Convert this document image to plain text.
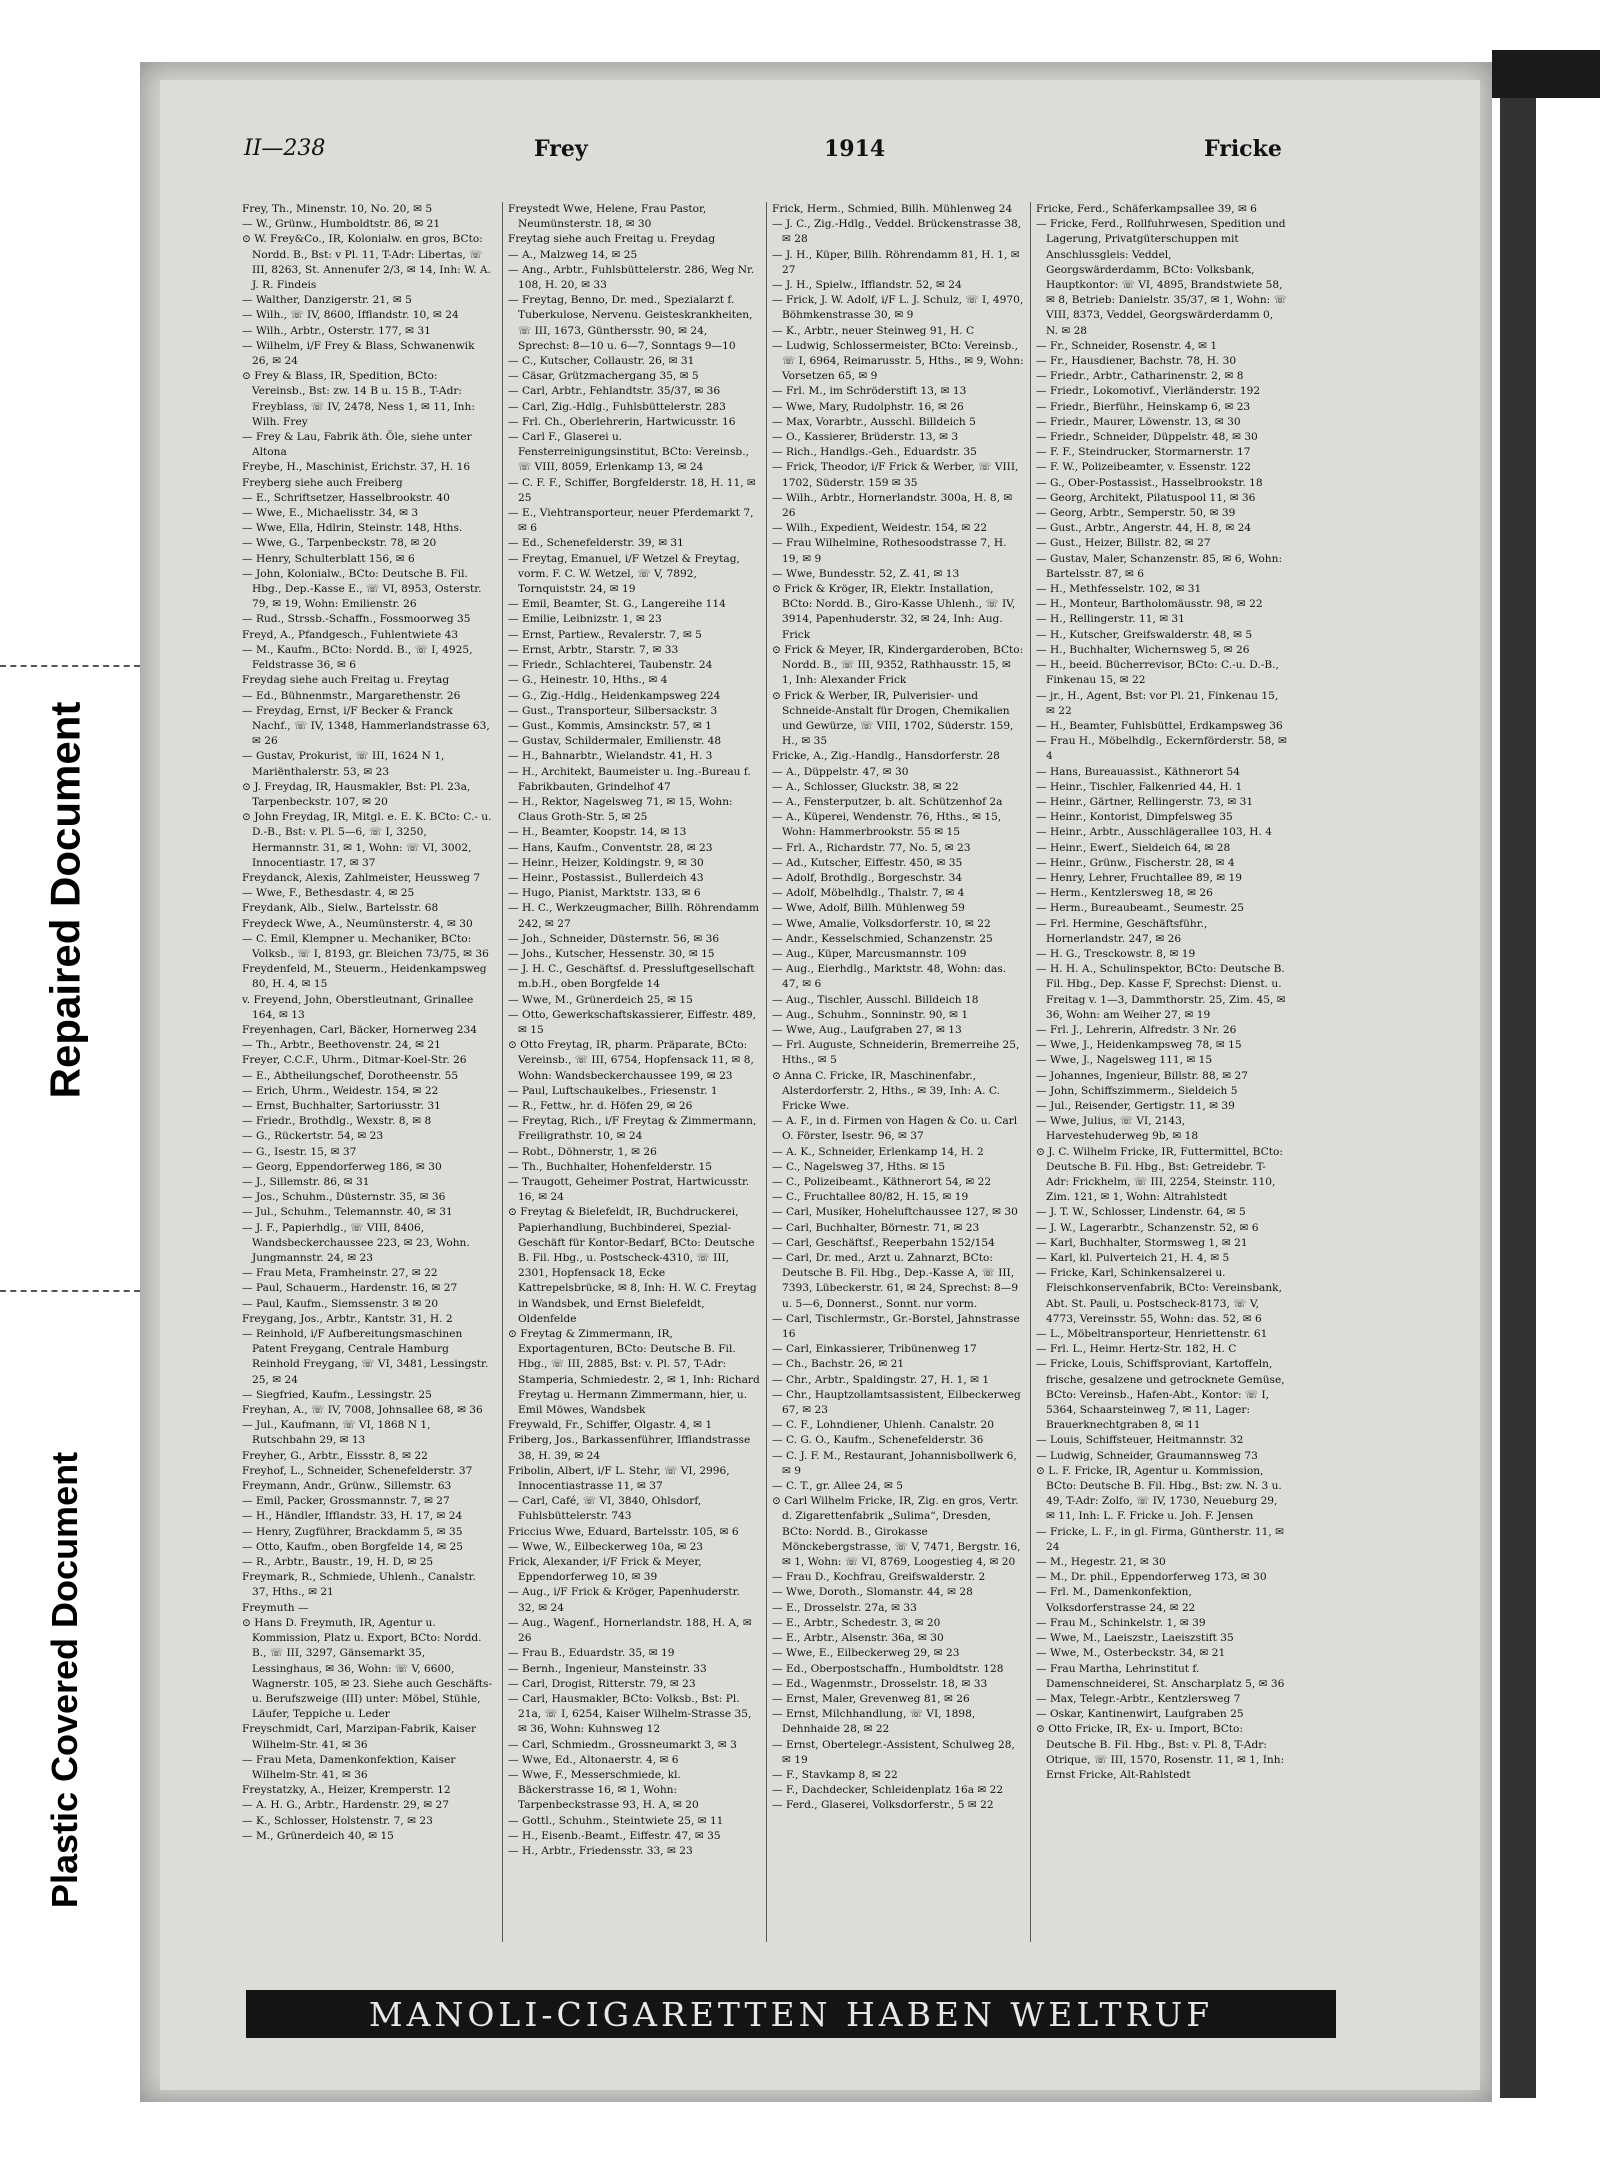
Repaired Document
Plastic Covered Document
II—238	Frey	1914	Fricke

Frey, Th., Minenstr. 10, No. 20, ✉ 5

— W., Grünw., Humboldtstr. 86, ✉ 21

⊙ W. Frey&Co., IR, Kolonialw. en gros, BCto: Nordd. B., Bst: v Pl. 11, T-Adr: Libertas, ☏ III, 8263, St. Annenufer 2/3, ✉ 14, Inh: W. A. J. R. Findeis

— Walther, Danzigerstr. 21, ✉ 5

— Wilh., ☏ IV, 8600, Ifflandstr. 10, ✉ 24

— Wilh., Arbtr., Osterstr. 177, ✉ 31

— Wilhelm, i/F Frey & Blass, Schwanenwik 26, ✉ 24

⊙ Frey & Blass, IR, Spedition, BCto: Vereinsb., Bst: zw. 14 B u. 15 B., T-Adr: Freyblass, ☏ IV, 2478, Ness 1, ✉ 11, Inh: Wilh. Frey

— Frey & Lau, Fabrik äth. Öle, siehe unter Altona

Freybe, H., Maschinist, Erichstr. 37, H. 16

Freyberg siehe auch Freiberg

— E., Schriftsetzer, Hasselbrookstr. 40

— Wwe, E., Michaelisstr. 34, ✉ 3

— Wwe, Ella, Hdlrin, Steinstr. 148, Hths.

— Wwe, G., Tarpenbeckstr. 78, ✉ 20

— Henry, Schulterblatt 156, ✉ 6

— John, Kolonialw., BCto: Deutsche B. Fil. Hbg., Dep.-Kasse E., ☏ VI, 8953, Osterstr. 79, ✉ 19, Wohn: Emilienstr. 26

— Rud., Strssb.-Schaffn., Fossmoorweg 35

Freyd, A., Pfandgesch., Fuhlentwiete 43

— M., Kaufm., BCto: Nordd. B., ☏ I, 4925, Feldstrasse 36, ✉ 6

Freydag siehe auch Freitag u. Freytag

— Ed., Bühnenmstr., Margarethenstr. 26

— Freydag, Ernst, i/F Becker & Franck Nachf., ☏ IV, 1348, Hammerlandstrasse 63, ✉ 26

— Gustav, Prokurist, ☏ III, 1624 N 1, Mariënthalerstr. 53, ✉ 23

⊙ J. Freydag, IR, Hausmakler, Bst: Pl. 23a, Tarpenbeckstr. 107, ✉ 20

⊙ John Freydag, IR, Mitgl. e. E. K. BCto: C.- u. D.-B., Bst: v. Pl. 5—6, ☏ I, 3250, Hermannstr. 31, ✉ 1, Wohn: ☏ VI, 3002, Innocentiastr. 17, ✉ 37

Freydanck, Alexis, Zahlmeister, Heussweg 7

— Wwe, F., Bethesdastr. 4, ✉ 25

Freydank, Alb., Sielw., Bartelsstr. 68

Freydeck Wwe, A., Neumünsterstr. 4, ✉ 30

— C. Emil, Klempner u. Mechaniker, BCto: Volksb., ☏ I, 8193, gr. Bleichen 73/75, ✉ 36

Freydenfeld, M., Steuerm., Heidenkampsweg 80, H. 4, ✉ 15

v. Freyend, John, Oberstleutnant, Grinallee 164, ✉ 13

Freyenhagen, Carl, Bäcker, Hornerweg 234

— Th., Arbtr., Beethovenstr. 24, ✉ 21

Freyer, C.C.F., Uhrm., Ditmar-Koel-Str. 26

— E., Abtheilungschef, Dorotheenstr. 55

— Erich, Uhrm., Weidestr. 154, ✉ 22

— Ernst, Buchhalter, Sartoriusstr. 31

— Friedr., Brothdlg., Wexstr. 8, ✉ 8

— G., Rückertstr. 54, ✉ 23

— G., Isestr. 15, ✉ 37

— Georg, Eppendorferweg 186, ✉ 30

— J., Sillemstr. 86, ✉ 31

— Jos., Schuhm., Düsternstr. 35, ✉ 36

— Jul., Schuhm., Telemannstr. 40, ✉ 31

— J. F., Papierhdlg., ☏ VIII, 8406, Wandsbeckerchaussee 223, ✉ 23, Wohn. Jungmannstr. 24, ✉ 23

— Frau Meta, Framheinstr. 27, ✉ 22

— Paul, Schauerm., Hardenstr. 16, ✉ 27

— Paul, Kaufm., Siemssenstr. 3 ✉ 20

Freygang, Jos., Arbtr., Kantstr. 31, H. 2

— Reinhold, i/F Aufbereitungsmaschinen Patent Freygang, Centrale Hamburg Reinhold Freygang, ☏ VI, 3481, Lessingstr. 25, ✉ 24

— Siegfried, Kaufm., Lessingstr. 25

Freyhan, A., ☏ IV, 7008, Johnsallee 68, ✉ 36

— Jul., Kaufmann, ☏ VI, 1868 N 1, Rutschbahn 29, ✉ 13

Freyher, G., Arbtr., Eissstr. 8, ✉ 22

Freyhof, L., Schneider, Schenefelderstr. 37

Freymann, Andr., Grünw., Sillemstr. 63

— Emil, Packer, Grossmannstr. 7, ✉ 27

— H., Händler, Ifflandstr. 33, H. 17, ✉ 24

— Henry, Zugführer, Brackdamm 5, ✉ 35

— Otto, Kaufm., oben Borgfelde 14, ✉ 25

— R., Arbtr., Baustr., 19, H. D, ✉ 25

Freymark, R., Schmiede, Uhlenh., Canalstr. 37, Hths., ✉ 21

Freymuth —

⊙ Hans D. Freymuth, IR, Agentur u. Kommission, Platz u. Export, BCto: Nordd. B., ☏ III, 3297, Gänsemarkt 35, Lessinghaus, ✉ 36, Wohn: ☏ V, 6600, Wagnerstr. 105, ✉ 23. Siehe auch Geschäfts- u. Berufszweige (III) unter: Möbel, Stühle, Läufer, Teppiche u. Leder

Freyschmidt, Carl, Marzipan-Fabrik, Kaiser Wilhelm-Str. 41, ✉ 36

— Frau Meta, Damenkonfektion, Kaiser Wilhelm-Str. 41, ✉ 36

Freystatzky, A., Heizer, Kremperstr. 12

— A. H. G., Arbtr., Hardenstr. 29, ✉ 27

— K., Schlosser, Holstenstr. 7, ✉ 23

— M., Grünerdeich 40, ✉ 15

Freystedt Wwe, Helene, Frau Pastor, Neumünsterstr. 18, ✉ 30

Freytag siehe auch Freitag u. Freydag

— A., Malzweg 14, ✉ 25

— Ang., Arbtr., Fuhlsbüttelerstr. 286, Weg Nr. 108, H. 20, ✉ 33

— Freytag, Benno, Dr. med., Spezialarzt f. Tuberkulose, Nervenu. Geisteskrankheiten, ☏ III, 1673, Günthersstr. 90, ✉ 24, Sprechst: 8—10 u. 6—7, Sonntags 9—10

— C., Kutscher, Collaustr. 26, ✉ 31

— Cäsar, Grützmachergang 35, ✉ 5

— Carl, Arbtr., Fehlandtstr. 35/37, ✉ 36

— Carl, Zig.-Hdlg., Fuhlsbüttelerstr. 283

— Frl. Ch., Oberlehrerin, Hartwicusstr. 16

— Carl F., Glaserei u. Fensterreinigungsinstitut, BCto: Vereinsb., ☏ VIII, 8059, Erlenkamp 13, ✉ 24

— C. F. F., Schiffer, Borgfelderstr. 18, H. 11, ✉ 25

— E., Viehtransporteur, neuer Pferdemarkt 7, ✉ 6

— Ed., Schenefelderstr. 39, ✉ 31

— Freytag, Emanuel, i/F Wetzel & Freytag, vorm. F. C. W. Wetzel, ☏ V, 7892, Tornquiststr. 24, ✉ 19

— Emil, Beamter, St. G., Langereihe 114

— Emilie, Leibnizstr. 1, ✉ 23

— Ernst, Partiew., Revalerstr. 7, ✉ 5

— Ernst, Arbtr., Starstr. 7, ✉ 33

— Friedr., Schlachterei, Taubenstr. 24

— G., Heinestr. 10, Hths., ✉ 4

— G., Zig.-Hdlg., Heidenkampsweg 224

— Gust., Transporteur, Silbersackstr. 3

— Gust., Kommis, Amsinckstr. 57, ✉ 1

— Gustav, Schildermaler, Emilienstr. 48

— H., Bahnarbtr., Wielandstr. 41, H. 3

— H., Architekt, Baumeister u. Ing.-Bureau f. Fabrikbauten, Grindelhof 47

— H., Rektor, Nagelsweg 71, ✉ 15, Wohn: Claus Groth-Str. 5, ✉ 25

— H., Beamter, Koopstr. 14, ✉ 13

— Hans, Kaufm., Conventstr. 28, ✉ 23

— Heinr., Heizer, Koldingstr. 9, ✉ 30

— Heinr., Postassist., Bullerdeich 43

— Hugo, Pianist, Marktstr. 133, ✉ 6

— H. C., Werkzeugmacher, Billh. Röhrendamm 242, ✉ 27

— Joh., Schneider, Düsternstr. 56, ✉ 36

— Johs., Kutscher, Hessenstr. 30, ✉ 15

— J. H. C., Geschäftsf. d. Pressluftgesellschaft m.b.H., oben Borgfelde 14

— Wwe, M., Grünerdeich 25, ✉ 15

— Otto, Gewerkschaftskassierer, Eiffestr. 489, ✉ 15

⊙ Otto Freytag, IR, pharm. Präparate, BCto: Vereinsb., ☏ III, 6754, Hopfensack 11, ✉ 8, Wohn: Wandsbeckerchaussee 199, ✉ 23

— Paul, Luftschaukelbes., Friesenstr. 1

— R., Fettw., hr. d. Höfen 29, ✉ 26

— Freytag, Rich., i/F Freytag & Zimmermann, Freiligrathstr. 10, ✉ 24

— Robt., Döhnerstr, 1, ✉ 26

— Th., Buchhalter, Hohenfelderstr. 15

— Traugott, Geheimer Postrat, Hartwicusstr. 16, ✉ 24

⊙ Freytag & Bielefeldt, IR, Buchdruckerei, Papierhandlung, Buchbinderei, Spezial-Geschäft für Kontor-Bedarf, BCto: Deutsche B. Fil. Hbg., u. Postscheck-4310, ☏ III, 2301, Hopfensack 18, Ecke Kattrepelsbrücke, ✉ 8, Inh: H. W. C. Freytag in Wandsbek, und Ernst Bielefeldt, Oldenfelde

⊙ Freytag & Zimmermann, IR, Exportagenturen, BCto: Deutsche B. Fil. Hbg., ☏ III, 2885, Bst: v. Pl. 57, T-Adr: Stamperia, Schmiedestr. 2, ✉ 1, Inh: Richard Freytag u. Hermann Zimmermann, hier, u. Emil Möwes, Wandsbek

Freywald, Fr., Schiffer, Olgastr. 4, ✉ 1

Friberg, Jos., Barkassenführer, Ifflandstrasse 38, H. 39, ✉ 24

Fribolin, Albert, i/F L. Stehr, ☏ VI, 2996, Innocentiastrasse 11, ✉ 37

— Carl, Café, ☏ VI, 3840, Ohlsdorf, Fuhlsbüttelerstr. 743

Friccius Wwe, Eduard, Bartelsstr. 105, ✉ 6

— Wwe, W., Eilbeckerweg 10a, ✉ 23

Frick, Alexander, i/F Frick & Meyer, Eppendorferweg 10, ✉ 39

— Aug., i/F Frick & Kröger, Papenhuderstr. 32, ✉ 24

— Aug., Wagenf., Hornerlandstr. 188, H. A, ✉ 26

— Frau B., Eduardstr. 35, ✉ 19

— Bernh., Ingenieur, Mansteinstr. 33

— Carl, Drogist, Ritterstr. 79, ✉ 23

— Carl, Hausmakler, BCto: Volksb., Bst: Pl. 21a, ☏ I, 6254, Kaiser Wilhelm-Strasse 35, ✉ 36, Wohn: Kuhnsweg 12

— Carl, Schmiedm., Grossneumarkt 3, ✉ 3

— Wwe, Ed., Altonaerstr. 4, ✉ 6

— Wwe, F., Messerschmiede, kl. Bäckerstrasse 16, ✉ 1, Wohn: Tarpenbeckstrasse 93, H. A, ✉ 20

— Gottl., Schuhm., Steintwiete 25, ✉ 11

— H., Eisenb.-Beamt., Eiffestr. 47, ✉ 35

— H., Arbtr., Friedensstr. 33, ✉ 23

Frick, Herm., Schmied, Billh. Mühlenweg 24

— J. C., Zig.-Hdlg., Veddel. Brückenstrasse 38, ✉ 28

— J. H., Küper, Billh. Röhrendamm 81, H. 1, ✉ 27

— J. H., Spielw., Ifflandstr. 52, ✉ 24

— Frick, J. W. Adolf, i/F L. J. Schulz, ☏ I, 4970, Böhmkenstrasse 30, ✉ 9

— K., Arbtr., neuer Steinweg 91, H. C

— Ludwig, Schlossermeister, BCto: Vereinsb., ☏ I, 6964, Reimarusstr. 5, Hths., ✉ 9, Wohn: Vorsetzen 65, ✉ 9

— Frl. M., im Schröderstift 13, ✉ 13

— Wwe, Mary, Rudolphstr. 16, ✉ 26

— Max, Vorarbtr., Ausschl. Billdeich 5

— O., Kassierer, Brüderstr. 13, ✉ 3

— Rich., Handlgs.-Geh., Eduardstr. 35

— Frick, Theodor, i/F Frick & Werber, ☏ VIII, 1702, Süderstr. 159 ✉ 35

— Wilh., Arbtr., Hornerlandstr. 300a, H. 8, ✉ 26

— Wilh., Expedient, Weidestr. 154, ✉ 22

— Frau Wilhelmine, Rothesoodstrasse 7, H. 19, ✉ 9

— Wwe, Bundesstr. 52, Z. 41, ✉ 13

⊙ Frick & Kröger, IR, Elektr. Installation, BCto: Nordd. B., Giro-Kasse Uhlenh., ☏ IV, 3914, Papenhuderstr. 32, ✉ 24, Inh: Aug. Frick

⊙ Frick & Meyer, IR, Kindergarderoben, BCto: Nordd. B., ☏ III, 9352, Rathhausstr. 15, ✉ 1, Inh: Alexander Frick

⊙ Frick & Werber, IR, Pulverisier- und Schneide-Anstalt für Drogen, Chemikalien und Gewürze, ☏ VIII, 1702, Süderstr. 159, H., ✉ 35

Fricke, A., Zig.-Handlg., Hansdorferstr. 28

— A., Düppelstr. 47, ✉ 30

— A., Schlosser, Gluckstr. 38, ✉ 22

— A., Fensterputzer, b. alt. Schützenhof 2a

— A., Küperei, Wendenstr. 76, Hths., ✉ 15, Wohn: Hammerbrookstr. 55 ✉ 15

— Frl. A., Richardstr. 77, No. 5, ✉ 23

— Ad., Kutscher, Eiffestr. 450, ✉ 35

— Adolf, Brothdlg., Borgeschstr. 34

— Adolf, Möbelhdlg., Thalstr. 7, ✉ 4

— Wwe, Adolf, Billh. Mühlenweg 59

— Wwe, Amalie, Volksdorferstr. 10, ✉ 22

— Andr., Kesselschmied, Schanzenstr. 25

— Aug., Küper, Marcusmannstr. 109

— Aug., Eierhdlg., Marktstr. 48, Wohn: das. 47, ✉ 6

— Aug., Tischler, Ausschl. Billdeich 18

— Aug., Schuhm., Sonninstr. 90, ✉ 1

— Wwe, Aug., Laufgraben 27, ✉ 13

— Frl. Auguste, Schneiderin, Bremerreihe 25, Hths., ✉ 5

⊙ Anna C. Fricke, IR, Maschinenfabr., Alsterdorferstr. 2, Hths., ✉ 39, Inh: A. C. Fricke Wwe.

— A. F., in d. Firmen von Hagen & Co. u. Carl O. Förster, Isestr. 96, ✉ 37

— A. K., Schneider, Erlenkamp 14, H. 2

— C., Nagelsweg 37, Hths. ✉ 15

— C., Polizeibeamt., Käthnerort 54, ✉ 22

— C., Fruchtallee 80/82, H. 15, ✉ 19

— Carl, Musiker, Hoheluftchaussee 127, ✉ 30

— Carl, Buchhalter, Börnestr. 71, ✉ 23

— Carl, Geschäftsf., Reeperbahn 152/154

— Carl, Dr. med., Arzt u. Zahnarzt, BCto: Deutsche B. Fil. Hbg., Dep.-Kasse A, ☏ III, 7393, Lübeckerstr. 61, ✉ 24, Sprechst: 8—9 u. 5—6, Donnerst., Sonnt. nur vorm.

— Carl, Tischlermstr., Gr.-Borstel, Jahnstrasse 16

— Carl, Einkassierer, Tribünenweg 17

— Ch., Bachstr. 26, ✉ 21

— Chr., Arbtr., Spaldingstr. 27, H. 1, ✉ 1

— Chr., Hauptzollamtsassistent, Eilbeckerweg 67, ✉ 23

— C. F., Lohndiener, Uhlenh. Canalstr. 20

— C. G. O., Kaufm., Schenefelderstr. 36

— C. J. F. M., Restaurant, Johannisbollwerk 6, ✉ 9

— C. T., gr. Allee 24, ✉ 5

⊙ Carl Wilhelm Fricke, IR, Zig. en gros, Vertr. d. Zigarettenfabrik „Sulima“, Dresden, BCto: Nordd. B., Girokasse Mönckebergstrasse, ☏ V, 7471, Bergstr. 16, ✉ 1, Wohn: ☏ VI, 8769, Loogestieg 4, ✉ 20

— Frau D., Kochfrau, Greifswalderstr. 2

— Wwe, Doroth., Slomanstr. 44, ✉ 28

— E., Drosselstr. 27a, ✉ 33

— E., Arbtr., Schedestr. 3, ✉ 20

— E., Arbtr., Alsenstr. 36a, ✉ 30

— Wwe, E., Eilbeckerweg 29, ✉ 23

— Ed., Oberpostschaffn., Humboldtstr. 128

— Ed., Wagenmstr., Drosselstr. 18, ✉ 33

— Ernst, Maler, Grevenweg 81, ✉ 26

— Ernst, Milchhandlung, ☏ VI, 1898, Dehnhaide 28, ✉ 22

— Ernst, Obertelegr.-Assistent, Schulweg 28, ✉ 19

— F., Stavkamp 8, ✉ 22

— F., Dachdecker, Schleidenplatz 16a ✉ 22

— Ferd., Glaserei, Volksdorferstr., 5 ✉ 22

Fricke, Ferd., Schäferkampsallee 39, ✉ 6

— Fricke, Ferd., Rollfuhrwesen, Spedition und Lagerung, Privatgüterschuppen mit Anschlussgleis: Veddel, Georgswärderdamm, BCto: Volksbank, Hauptkontor: ☏ VI, 4895, Brandstwiete 58, ✉ 8, Betrieb: Danielstr. 35/37, ✉ 1, Wohn: ☏ VIII, 8373, Veddel, Georgswärderdamm 0, N. ✉ 28

— Fr., Schneider, Rosenstr. 4, ✉ 1

— Fr., Hausdiener, Bachstr. 78, H. 30

— Friedr., Arbtr., Catharinenstr. 2, ✉ 8

— Friedr., Lokomotivf., Vierländerstr. 192

— Friedr., Bierführ., Heinskamp 6, ✉ 23

— Friedr., Maurer, Löwenstr. 13, ✉ 30

— Friedr., Schneider, Düppelstr. 48, ✉ 30

— F. F., Steindrucker, Stormarnerstr. 17

— F. W., Polizeibeamter, v. Essenstr. 122

— G., Ober-Postassist., Hasselbrookstr. 18

— Georg, Architekt, Pilatuspool 11, ✉ 36

— Georg, Arbtr., Semperstr. 50, ✉ 39

— Gust., Arbtr., Angerstr. 44, H. 8, ✉ 24

— Gust., Heizer, Billstr. 82, ✉ 27

— Gustav, Maler, Schanzenstr. 85, ✉ 6, Wohn: Bartelsstr. 87, ✉ 6

— H., Methfesselstr. 102, ✉ 31

— H., Monteur, Bartholomäusstr. 98, ✉ 22

— H., Rellingerstr. 11, ✉ 31

— H., Kutscher, Greifswalderstr. 48, ✉ 5

— H., Buchhalter, Wichernsweg 5, ✉ 26

— H., beeid. Bücherrevisor, BCto: C.-u. D.-B., Finkenau 15, ✉ 22

— jr., H., Agent, Bst: vor Pl. 21, Finkenau 15, ✉ 22

— H., Beamter, Fuhlsbüttel, Erdkampsweg 36

— Frau H., Möbelhdlg., Eckernförderstr. 58, ✉ 4

— Hans, Bureauassist., Käthnerort 54

— Heinr., Tischler, Falkenried 44, H. 1

— Heinr., Gärtner, Rellingerstr. 73, ✉ 31

— Heinr., Kontorist, Dimpfelsweg 35

— Heinr., Arbtr., Ausschlägerallee 103, H. 4

— Heinr., Ewerf., Sieldeich 64, ✉ 28

— Heinr., Grünw., Fischerstr. 28, ✉ 4

— Henry, Lehrer, Fruchtallee 89, ✉ 19

— Herm., Kentzlersweg 18, ✉ 26

— Herm., Bureaubeamt., Seumestr. 25

— Frl. Hermine, Geschäftsführ., Hornerlandstr. 247, ✉ 26

— H. G., Tresckowstr. 8, ✉ 19

— H. H. A., Schulinspektor, BCto: Deutsche B. Fil. Hbg., Dep. Kasse F, Sprechst: Dienst. u. Freitag v. 1—3, Dammthorstr. 25, Zim. 45, ✉ 36, Wohn: am Weiher 27, ✉ 19

— Frl. J., Lehrerin, Alfredstr. 3 Nr. 26

— Wwe, J., Heidenkampsweg 78, ✉ 15

— Wwe, J., Nagelsweg 111, ✉ 15

— Johannes, Ingenieur, Billstr. 88, ✉ 27

— John, Schiffszimmerm., Sieldeich 5

— Jul., Reisender, Gertigstr. 11, ✉ 39

— Wwe, Julius, ☏ VI, 2143, Harvestehuderweg 9b, ✉ 18

⊙ J. C. Wilhelm Fricke, IR, Futtermittel, BCto: Deutsche B. Fil. Hbg., Bst: Getreidebr. T-Adr: Frickhelm, ☏ III, 2254, Steinstr. 110, Zim. 121, ✉ 1, Wohn: Altrahlstedt

— J. T. W., Schlosser, Lindenstr. 64, ✉ 5

— J. W., Lagerarbtr., Schanzenstr. 52, ✉ 6

— Karl, Buchhalter, Stormsweg 1, ✉ 21

— Karl, kl. Pulverteich 21, H. 4, ✉ 5

— Fricke, Karl, Schinkensalzerei u. Fleischkonservenfabrik, BCto: Vereinsbank, Abt. St. Pauli, u. Postscheck-8173, ☏ V, 4773, Vereinsstr. 55, Wohn: das. 52, ✉ 6

— L., Möbeltransporteur, Henriettenstr. 61

— Frl. L., Heimr. Hertz-Str. 182, H. C

— Fricke, Louis, Schiffsproviant, Kartoffeln, frische, gesalzene und getrocknete Gemüse, BCto: Vereinsb., Hafen-Abt., Kontor: ☏ I, 5364, Schaarsteinweg 7, ✉ 11, Lager: Brauerknechtgraben 8, ✉ 11

— Louis, Schiffsteuer, Heitmannstr. 32

— Ludwig, Schneider, Graumannsweg 73

⊙ L. F. Fricke, IR, Agentur u. Kommission, BCto: Deutsche B. Fil. Hbg., Bst: zw. N. 3 u. 49, T-Adr: Zolfo, ☏ IV, 1730, Neueburg 29, ✉ 11, Inh: L. F. Fricke u. Joh. F. Jensen

— Fricke, L. F., in gl. Firma, Güntherstr. 11, ✉ 24

— M., Hegestr. 21, ✉ 30

— M., Dr. phil., Eppendorferweg 173, ✉ 30

— Frl. M., Damenkonfektion, Volksdorferstrasse 24, ✉ 22

— Frau M., Schinkelstr. 1, ✉ 39

— Wwe, M., Laeiszstr., Laeiszstift 35

— Wwe, M., Osterbeckstr. 34, ✉ 21

— Frau Martha, Lehrinstitut f. Damenschneiderei, St. Anscharplatz 5, ✉ 36

— Max, Telegr.-Arbtr., Kentzlersweg 7

— Oskar, Kantinenwirt, Laufgraben 25

⊙ Otto Fricke, IR, Ex- u. Import, BCto: Deutsche B. Fil. Hbg., Bst: v. Pl. 8, T-Adr: Otrique, ☏ III, 1570, Rosenstr. 11, ✉ 1, Inh: Ernst Fricke, Alt-Rahlstedt

MANOLI-CIGARETTEN HABEN WELTRUF
